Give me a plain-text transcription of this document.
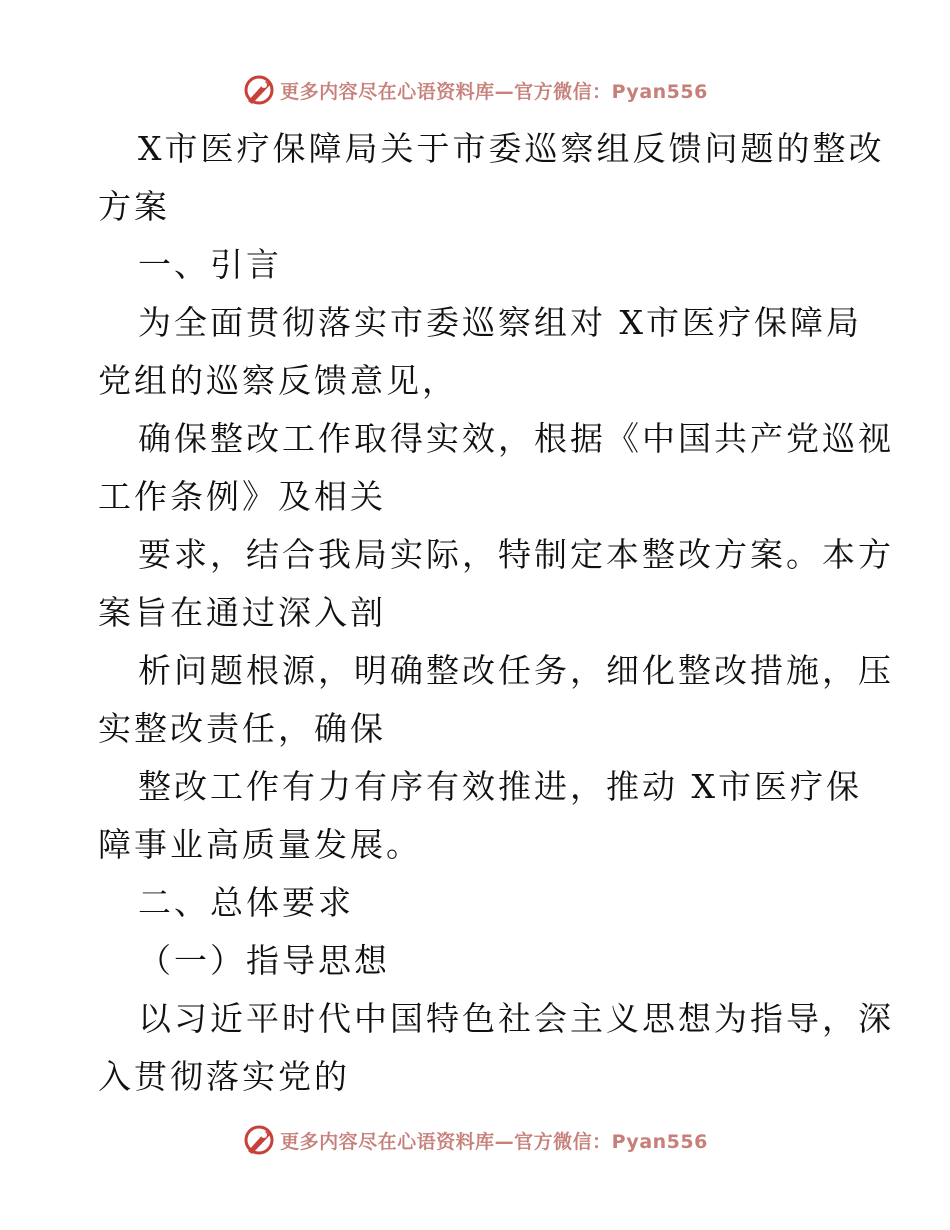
更多内容尽在心语资料库—官方微信：Pyan556
X市医疗保障局关于市委巡察组反馈问题的整改
方案
一、引言
为全面贯彻落实市委巡察组对 X市医疗保障局
党组的巡察反馈意见，
确保整改工作取得实效，根据《中国共产党巡视
工作条例》及相关
要求，结合我局实际，特制定本整改方案。本方
案旨在通过深入剖
析问题根源，明确整改任务，细化整改措施，压
实整改责任，确保
整改工作有力有序有效推进，推动 X市医疗保
障事业高质量发展。
二、总体要求
（一）指导思想
以习近平时代中国特色社会主义思想为指导，深
入贯彻落实党的
更多内容尽在心语资料库—官方微信：Pyan556
